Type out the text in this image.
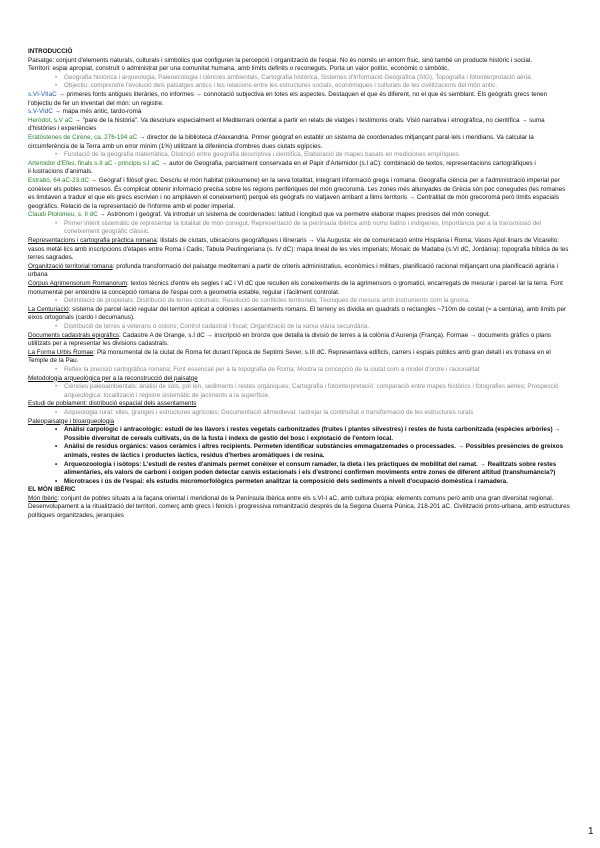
INTRODUCCIÓ

Paisatge: conjunt d'elements naturals, culturals i simbòlics que configuren la percepció i organització de l'espai. No és només un entorn físic, sinó també un producte històric i social.

Territori: espai apropiat, construït o administrat per una comunitat humana, amb límits definits o reconeguts. Porta un valor polític, econòmic o simbòlic.

• Geografia històrica i arqueologia, Paleoecologia i ciències ambientals, Cartografia històrica, Sistemes d'Informació Geogràfica (SIG), Topografia i fotointerpretació aèria.

• Objectiu: comprendre l'evolució dels paisatges antics i les relacions entre les estructures socials, econòmiques i culturals de les civilitzacions del món antic.

s.VI-VIIaC → primeres fonts antigues literàries, no informes → connotació subjectiva en totes els aspectes. Destaquen el que és diferent, no el que és semblant. Els geògrafs grecs tenen l'objectiu de fer un inventari del món: un registre.

s.V-VIdC → mapa més antic, tardo-romà

Heròdot, s.V aC → "pare de la història". Va descriure especialment el Mediterrani oriental a partir en relats de viatges i testimonis orals. Visió narrativa i etnogràfica, no científica → suma d'històries i experiències

Eratòstenes de Cirene, ca. 276-194 aC → director de la biblioteca d'Alexandria. Primer geògraf en establir un sistema de coordenades mitjançant paral·lels i meridians. Va calcular la circumferència de la Terra amb un error mínim (1%) utilitzant la diferència d'ombres dues ciutats egípcies.

• Fundació de la geografia matemàtica, Distinció entre geografia descriptiva i científica, Elaboració de mapes basats en mediciones empíriques

Artemidor d'Efes, finals s.II aC - principis s.I aC → autor de Geografia, parcialment conservada en el Papir d'Artemidor (s.I aC): combinació de textos, representacions cartogràfiques i il·lustracions d'animals.

Estrabó, 64 aC-23 dC → Geògraf i filòsof grec. Descriu el món habitat (oikoumene) en la seva totalitat, integrant informació grega i romana. Geografia ciència per a l'administració imperial per conèixer els pobles sotmesos. És complicat obtenir informació precisa sobre les regions perifèriques del món grecoromà. Les zones més allunyades de Grècia són poc conegudes (les romanes es limitaven a traduir el que els grecs escrivien i no ampliaven el coneixement) perquè els geògrafs no viatjaven arribant a llims territoris → Centralitat de món grecoromà però límits espacials geogràfics. Relació de la representació de l'informe amb el poder imperial.

Claudi Ptolomeu, s. II dC → Astrònom i geògraf. Va introduir un sistema de coordenades: latitud i longitud que va permetre elaborar mapes precisos del món conegut.

• Primer intent sistemàtic de representar la totalitat de món conegut, Representació de la península Ibèrica amb noms llatins i indígenes, Importància per a la transmissió del coneixement geogràfic clàssic.

Representacions i cartografia pràctica romana: llistats de ciutats, ubicacions geogràfiques i itineraris → Via Augusta: eix de comunicació entre Hispània i Roma; Vasos Apol·linars de Vicarello: vasos metàl·lics amb inscripcions d'etapes entre Roma i Cadis; Tabula Peutingeriana (s. IV dC): mapa lineal de les vies imperials; Mosaic de Madaba (s.VI dC, Jordània): topografia bíblica de les terres sagrades.

Organització territorial romana: profunda transformació del paisatge mediterrani a partir de criteris administratius, econòmics i militars, planificació racional mitjançant una planificació agrària i urbana

Corpus Agrimensorum Romanorum: textos tècnics d'entre els segles I aC i VI dC que recullen els coneixements de la agrimensors o gromatici, encarregats de mesurar i parcel·lar la terra. Font monumental per entendre la concepció romana de l'espai com a geometria estable, regular i fàcilment controlat.

• Delimitació de propietats; Distribució de terres colonials; Resolució de conflictes territorials; Tècniques de mesura amb instruments com la groma.

La Centuriació: sistema de parcel·lació regular del territori aplicat a colònies i assentaments romans. El terreny es dividia en quadrats o rectangles ~710m de costat (≈ a centúria), amb límits per eixos ortogonals (cardo i decumanus).

• Distribució de terres a veterans o colons; Control cadastral i fiscal; Organització de la xarxa viària secundària.

Documents cadastrals epigràfics: Cadastre A de Orange, s.I dC → inscripció en bronze que detalla la divisió de terres a la colònia d'Aurenja (França). Formae → documents gràfics o plans utilitzats per a representar les divisions cadastrals.

La Forma Urbis Romae: Plà monumental de la ciutat de Roma fet durant l'època de Septimi Sever, s.III dC. Representava edificis, carrers i espais públics amb gran detall i es trobava en el Temple de la Pau.

• Reflex la precisió cartogràfica romana; Font essencial per a la topografia de Roma; Mostra la concepció de la ciutat com a model d'ordre i racionalitat

Metodologia arqueològica per a la reconstrucció del paisatge

• Ciències paleoambientals: anàlisi de sòls, pol·len, sediments i restes orgàniques; Cartografia i fotointerpretació: comparació entre mapes històrics i fotografies aèries; Prospecció arqueològica: localització i registre sistemàtic de jaciments a la superfície.

Estudi de poblament: distribució espacial dels assentaments

• Arqueologia rural: viles, granges i estructures agrícoles; Documentació altmedieval: rastrejar la continuïtat o transformació de les estructures rurals

Paleopaisatge i bioarqueologia

• Anàlisi carpològic i antracològic: estudi de les llavors i restes vegetals carbonitzades (fruites i plantes silvestres) i restes de fusta carbonitzada (espècies arbòries) → Possible diversitat de cereals cultivats, ús de la fusta i índexs de gestió del bosc i explotació de l'entorn local.

• Anàlisi de residus orgànics: vasos ceràmics i altres recipients. Permeten identificar substàncies emmagatzemades o processades. → Possibles presències de greixos animals, restes de làctics i productes làctics, residus d'herbes aromàtiques i de resina.

• Arqueozoologia i isòtops: L'estudi de restes d'animals permet conèixer el consum ramader, la dieta i les pràctiques de mobilitat del ramat. → Realitzats sobre restes alimentàries, els valors de carboni i oxigen poden detectar canvis estacionals i els d'estronci confirmen moviments entre zones de diferent altitud (transhumància?)

• Microtraces i ús de l'espai: els estudis micromorfològics permeten analitzar la composició dels sediments a nivell d'ocupació domèstica i ramadera.

EL MÓN IBÈRIC

Món Ibèric: conjunt de pobles situats a la façana oriental i meridional de la Península Ibèrica entre els s.VI-I aC, amb cultura pròpia: elements comuns però amb una gran diversitat regional. Desenvolupament a la ritualització del territori, comerç amb grecs i fenicis i progressiva romanització després de la Segona Guerra Púnica, 218-201 aC. Civilització proto-urbana, amb estructures polítiques organitzades, jerarquies

1
